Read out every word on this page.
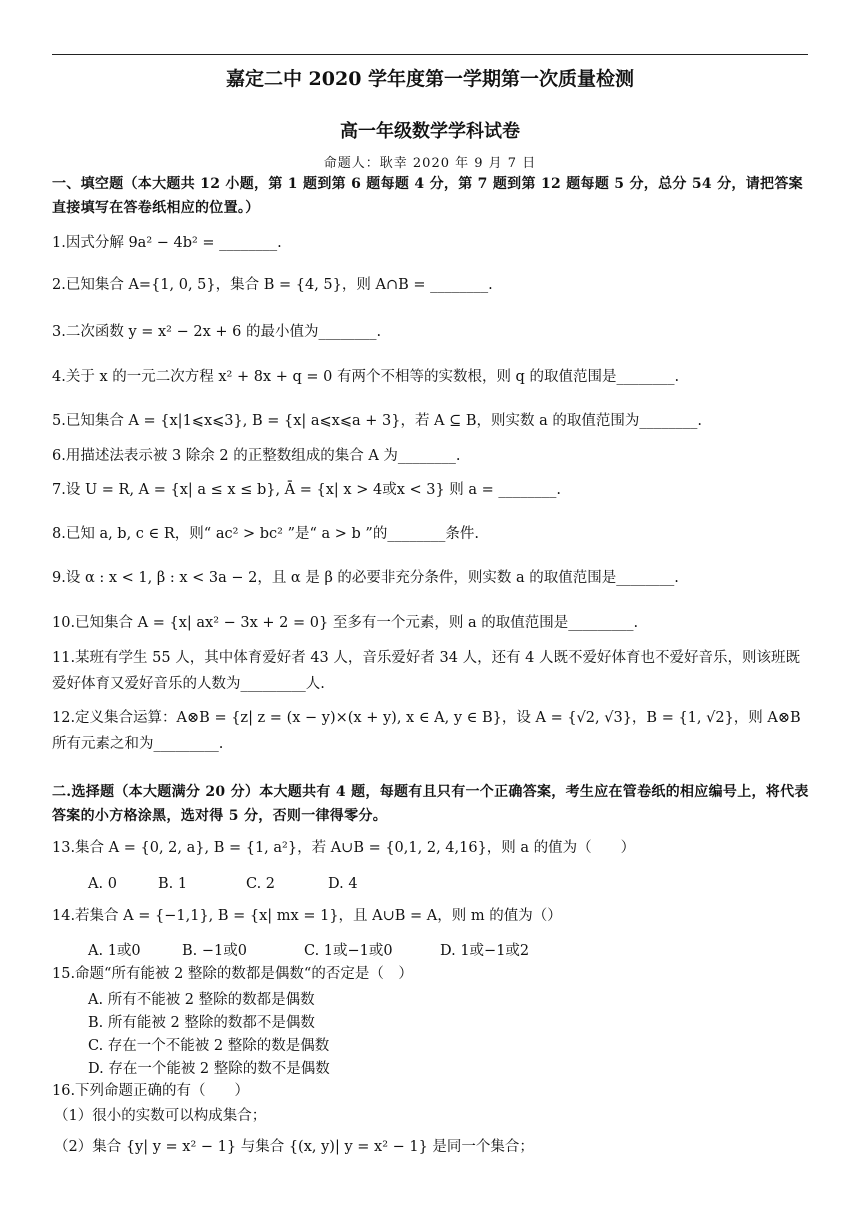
嘉定二中 2020 学年度第一学期第一次质量检测
高一年级数学学科试卷
命题人：耿幸 2020 年 9 月 7 日
一、填空题（本大题共 12 小题，第 1 题到第 6 题每题 4 分，第 7 题到第 12 题每题 5 分，总分 54 分，请把答案直接填写在答卷纸相应的位置。）
1.因式分解 9a² − 4b² = ________.
2.已知集合 A={1, 0, 5}，集合 B = {4, 5}，则 A∩B = ________.
3.二次函数 y = x² − 2x + 6 的最小值为________.
4.关于 x 的一元二次方程 x² + 8x + q = 0 有两个不相等的实数根，则 q 的取值范围是________.
5.已知集合 A = {x|1⩽x⩽3}, B = {x| a⩽x⩽a + 3}，若 A ⊆ B，则实数 a 的取值范围为________.
6.用描述法表示被 3 除余 2 的正整数组成的集合 A 为________.
7.设 U = R, A = {x| a ≤ x ≤ b}, Ā = {x| x > 4或x < 3} 则 a = ________.
8.已知 a, b, c ∈ R，则“ ac² > bc² ”是“ a > b ”的________条件.
9.设 α : x < 1, β : x < 3a − 2，且 α 是 β 的必要非充分条件，则实数 a 的取值范围是________.
10.已知集合 A = {x| ax² − 3x + 2 = 0} 至多有一个元素，则 a 的取值范围是_________.
11.某班有学生 55 人，其中体育爱好者 43 人，音乐爱好者 34 人，还有 4 人既不爱好体育也不爱好音乐，则该班既爱好体育又爱好音乐的人数为_________人.
12.定义集合运算：A⊗B = {z| z = (x − y)×(x + y), x ∈ A, y ∈ B}，设 A = {√2, √3}，B = {1, √2}，则 A⊗B 所有元素之和为_________.
二.选择题（本大题满分 20 分）本大题共有 4 题，每题有且只有一个正确答案，考生应在管卷纸的相应编号上，将代表答案的小方格涂黑，选对得 5 分，否则一律得零分。
13.集合 A = {0, 2, a}, B = {1, a²}，若 A∪B = {0,1, 2, 4,16}，则 a 的值为（　　）
A. 0	B. 1	C. 2	D. 4
14.若集合 A = {−1,1}, B = {x| mx = 1}，且 A∪B = A，则 m 的值为（）
A. 1或0	B. −1或0	C. 1或−1或0	D. 1或−1或2
15.命题“所有能被 2 整除的数都是偶数“的否定是（　）
A. 所有不能被 2 整除的数都是偶数
B. 所有能被 2 整除的数都不是偶数
C. 存在一个不能被 2 整除的数是偶数
D. 存在一个能被 2 整除的数不是偶数
16.下列命题正确的有（　　）
（1）很小的实数可以构成集合；
（2）集合 {y| y = x² − 1} 与集合 {(x, y)| y = x² − 1} 是同一个集合；
